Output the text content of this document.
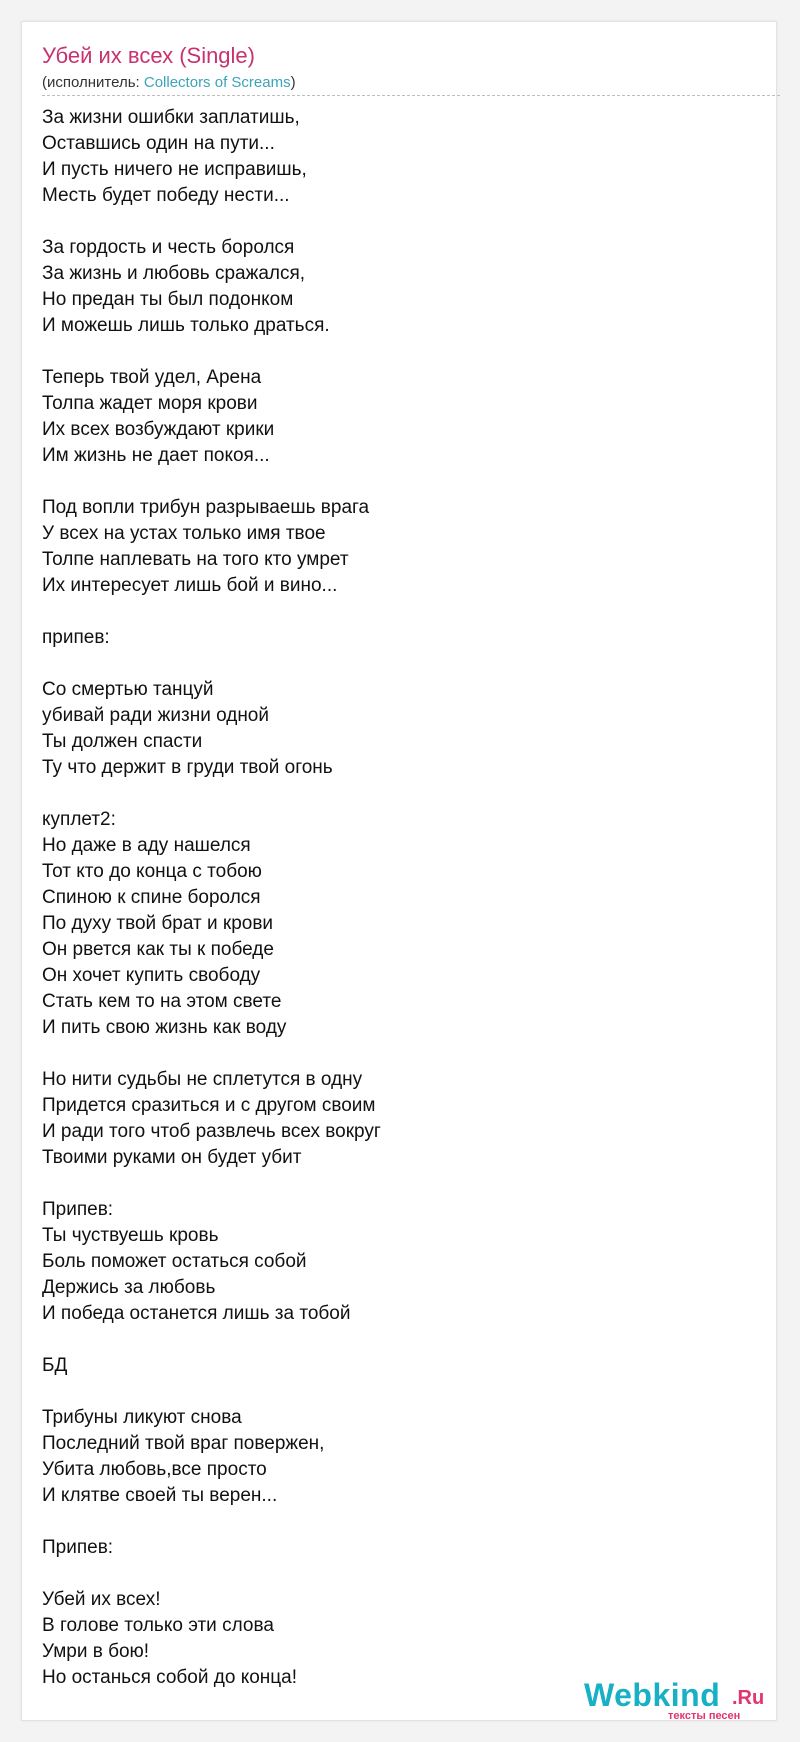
Убей их всех (Single)
(исполнитель: Collectors of Screams)
За жизни ошибки заплатишь,
Оставшись один на пути...
И пусть ничего не исправишь,
Месть будет победу нести...
За гордость и честь боролся
За жизнь и любовь сражался,
Но предан ты был подонком
И можешь лишь только драться.
Теперь твой удел, Арена
Толпа жадет моря крови
Их всех возбуждают крики
Им жизнь не дает покоя...
Под вопли трибун разрываешь врага
У всех на устах только имя твое
Толпе наплевать на того кто умрет
Их интересует лишь бой и вино...
припев:
Со смертью танцуй
убивай ради жизни одной
Ты должен спасти
Ту что держит в груди твой огонь
куплет2:
Но даже в аду нашелся
Тот кто до конца с тобою
Спиною к спине боролся
По духу твой брат и крови
Он рвется как ты к победе
Он хочет купить свободу
Стать кем то на этом свете
И пить свою жизнь как воду
Но нити судьбы не сплетутся в одну
Придется сразиться и с другом своим
И ради того чтоб развлечь всех вокруг
Твоими руками он будет убит
Припев:
Ты чуствуешь кровь
Боль поможет остаться собой
Держись за любовь
И победа останется лишь за тобой
БД
Трибуны ликуют снова
Последний твой враг повержен,
Убита любовь,все просто
И клятве своей ты верен...
Припев:
Убей их всех!
В голове только эти слова
Умри в бою!
Но останься собой до конца!	Webkind .Ru
тексты песен
